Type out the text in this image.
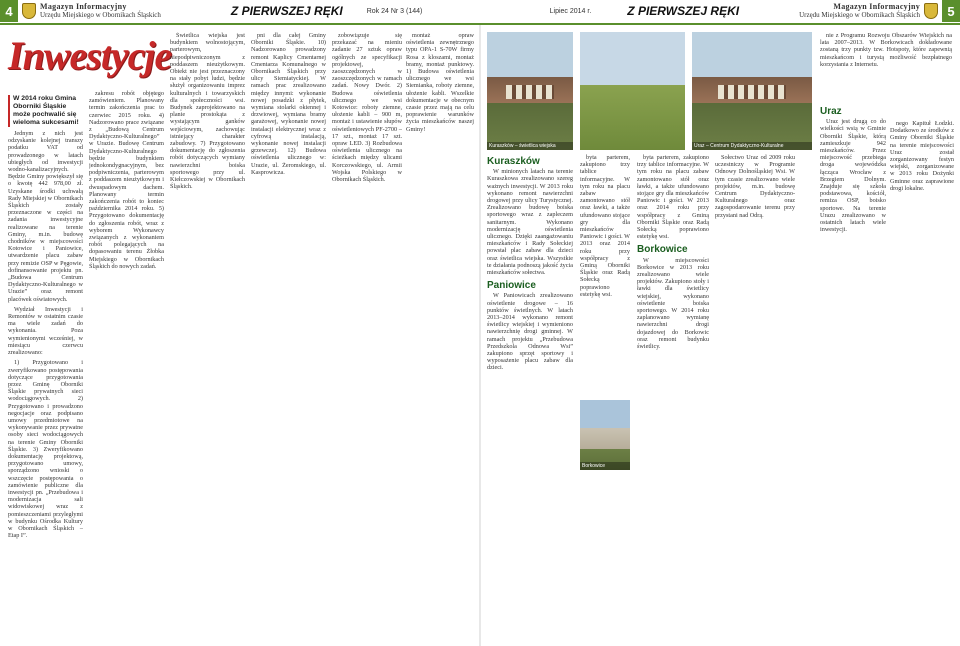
4	Magazyn Informacyjny
Urzędu Miejskiego w Obornikach Śląskich	Z PIERWSZEJ RĘKI	Rok 24 Nr 3 (144)	Lipiec 2014 r.	Z PIERWSZEJ RĘKI	Magazyn Informacyjny
Urzędu Miejskiego w Obornikach Śląskich	5
Inwestycje
W 2014 roku Gmina Oborniki Śląskie może pochwalić się wieloma sukcesami!

Jednym z nich jest odzyskanie kolejnej transzy podatku VAT od prowadzonego w latach ubiegłych od inwestycji wodno-kanalizacyjnych. Będzie Gminy powiększył się o kwotę 442 978,00 zł. Uzyskane środki uchwałą Rady Miejskiej w Obornikach Śląskich zostały przeznaczone w części na zadania inwestycyjne realizowane na terenie Gminy, m.in. budowę chodników w miejscowości Kotowice i Paniowice, utwardzenie placu zabaw przy remizie OSP w Pęgowie, dofinansowanie projektu pn. „Budowa Centrum Dydaktyczno-Kulturalnego w Urazie” oraz remont placówek oświatowych.

Wydział Inwestycji i Remontów w ostatnim czasie ma wiele zadań do wykonania. Poza wymienionymi wcześniej, w miesiącu czerwcu zrealizowano:

1) Przygotowano i zweryfikowano postępowania dotyczące przygotowania przez Gminę Oborniki Śląskie prywatnych sieci wodociągowych. 2) Przygotowano i prowadzono negocjacje oraz podpisano umowy przedmiotowe na wykonywanie przez prywatne osoby sieci wodociągowych na terenie Gminy Oborniki Śląskie. 3) Zweryfikowano dokumentację projektową, przygotowano umowy, sporządzono wnioski o wszczęcie postępowania o zamówienie publiczne dla inwestycji pn. „Przebudowa i modernizacja sali widowiskowej wraz z pomieszczeniami przyległymi w budynku Ośrodka Kultury w Obornikach Śląskich – Etap I”.

zakresu robót objętego zamówieniem. Planowany termin zakończenia prac to czerwiec 2015 roku. 4) Nadzorowano prace związane z „Budową Centrum Dydaktyczno-Kulturalnego” w Urazie. Budowę Centrum Dydaktyczno-Kulturalnego będzie budynkiem jednokondygnacyjnym, bez podpiwniczenia, parterowym z poddaszem nieużytkowym i dwuspadowym dachem. Planowany termin zakończenia robót to koniec października 2014 roku. 5) Przygotowano dokumentację do zgłoszenia robót, wraz z wyborem Wykonawcy związanych z wykonaniem robót polegających na dopasowaniu terenu Żłobka Miejskiego w Obornikach Śląskich do nowych zadań.

Świetlica wiejska jest budynkiem wolnostojącym, parterowym, niepodpiwniczonym z poddaszem nieużytkowym. Obiekt nie jest przeznaczony na stały pobyt ludzi, będzie służył organizowaniu imprez kulturalnych i towarzyskich dla społeczności wsi. Budynek zaprojektowano na planie prostokąta z wystającym ganków wejściowym, zachowując istniejący charakter zabudowy. 7) Przygotowano dokumentację do zgłoszenia robót dotyczących wymiany nawierzchni boiska sportowego przy ul. Kiełczowskiej w Obornikach Śląskich.

pni dla całej Gminy Oborniki Śląskie. 10) Nadzorowano prowadzony remont Kaplicy Cmentarnej Cmentarza Komunalnego w Obornikach Śląskich przy ulicy Siemiatyckiej. W ramach prac zrealizowano między innymi: wykonanie nowej posadzki z płytek, wymiana stolarki okiennej i drzwiowej, wymiana bramy garażowej, wykonanie nowej instalacji elektrycznej wraz z cyfrową instalacją, wykonanie nowej instalacji grzewczej. 12) Budowa oświetlenia ulicznego w: Urazie, ul. Żeromskiego, ul. Kasprowicza.

zobowiązuje się przekazać na mieniu zadanie 27 sztuk opraw ogólnych ze specyfikacji projektowej, zaoszczędzonych w zaoszczędzonych w ramach zadań. Nowy Dwór. 2) Budowa oświetlenia ulicznego we wsi Kotowice: roboty ziemne, ułożenie kabli – 900 m, montaż i ustawienie słupów oświetleniowych PF-2700 – 17 szt., montaż 17 szt. opraw LED. 3) Rozbudowa oświetlenia ulicznego na ścieżkach między ulicami Korczowskiego, ul. Armii Wojska Polskiego w Obornikach Śląskich.

montaż opraw oświetlenia zewnętrznego typu OPA-1 S-70W firmy Rosa z kloszami, montaż bramy, montaż punktowy. 1) Budowa oświetlenia ulicznego we wsi Siemianka, roboty ziemne, ułożenie kabli. Wszelkie dokumentacje w obecnym czasie przez mają na celu poprawienie warunków życia mieszkańców naszej Gminy!

Kuraszków – świetlica wiejska

Kuraszków

W minionych latach na terenie Kuraszkowa zrealizowano szereg ważnych inwestycji. W 2013 roku wykonano remont nawierzchni drogowej przy ulicy Turystycznej. Zrealizowano budowę boiska sportowego wraz z zapleczem sanitarnym. Wykonano modernizację oświetlenia ulicznego. Dzięki zaangażowaniu mieszkańców i Rady Sołeckiej powstał plac zabaw dla dzieci oraz świetlica wiejska. Wszystkie te działania podnoszą jakość życia mieszkańców sołectwa.

Paniowice

W Paniowicach zrealizowano oświetlenie drogowe – 16 punktów świetlnych. W latach 2013–2014 wykonano remont świetlicy wiejskiej i wymieniono nawierzchnię drogi gminnej. W ramach projektu „Przebudowa Przedszkola Odnowa Wsi” zakupiono sprzęt sportowy i wyposażenie placu zabaw dla dzieci.

byta parterem, zakupiono trzy tablice informacyjne. W tym roku na placu zabaw zamontowano stół oraz ławki, a także ufundowano stojące gry dla mieszkańców Paniowic i gości. W 2013 oraz 2014 roku przy współpracy z Gminą Oborniki Śląskie oraz Radą Sołecką poprawiono estetykę wsi.

Borkowice

byta parterem, zakupiono trzy tablice informacyjne. W tym roku na placu zabaw zamontowano stół oraz ławki, a także ufundowano stojące gry dla mieszkańców Paniowic i gości. W 2013 oraz 2014 roku przy współpracy z Gminą Oborniki Śląskie oraz Radą Sołecką poprawiono estetykę wsi.

Borkowice

W miejscowości Borkowice w 2013 roku zrealizowano wiele projektów. Zakupiono stoły i ławki dla świetlicy wiejskiej, wykonano oświetlenie boiska sportowego. W 2014 roku zaplanowano wymianę nawierzchni drogi dojazdowej do Borkowic oraz remont budynku świetlicy.

Uraz – Centrum Dydaktyczno-Kulturalne

Sołectwo Uraz od 2009 roku uczestniczy w Programie Odnowy Dolnośląskiej Wsi. W tym czasie zrealizowano wiele projektów, m.in. budowę Centrum Dydaktyczno-Kulturalnego oraz zagospodarowanie terenu przy przystani nad Odrą.

nie z Programu Rozwoju Obszarów Wiejskich na lata 2007–2013. W Borkowicach dokładowane zostaną trzy punkty tzw. Hotspoty, które zapewnią mieszkańcom i turystą możliwość bezpłatnego korzystania z Internetu.

Uraz

Uraz jest drugą co do wielkości wsią w Gminie Oborniki Śląskie, którą zamieszkuje 942 mieszkańców. Przez miejscowość przebiega droga wojewódzka łącząca Wrocław z Brzegiem Dolnym. Znajduje się szkoła podstawowa, kościół, remiza OSP, boisko sportowe. Na terenie Urazu zrealizowano w ostatnich latach wiele inwestycji.

nego Kapituł Łodzki. Dodatkowo ze środków z Gminy Oborniki Śląskie na terenie miejscowości Uraz został zorganizowany festyn wiejski, zorganizowane w 2013 roku Dożynki Gminne oraz zaprawione drogi lokalne.
